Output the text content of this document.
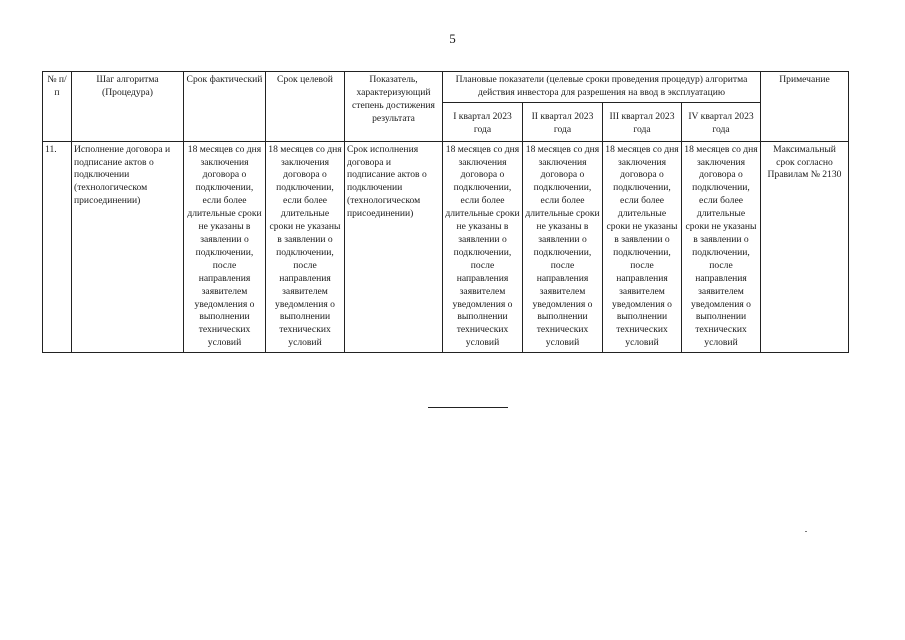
5
№ п/п	Шаг алгоритма (Процедура)	Срок фактический	Срок целевой	Показатель, характеризующий степень достижения результата	Плановые показатели (целевые сроки проведения процедур) алгоритма действия инвестора для разрешения на ввод в эксплуатацию				Примечание
					I квартал 2023 года	II квартал 2023 года	III квартал 2023 года	IV квартал 2023 года	
11.	Исполнение договора и подписание актов о подключении (технологическом присоединении)	18 месяцев со дня заключения договора о подключении, если более длительные сроки не указаны в заявлении о подключении, после направления заявителем уведомления о выполнении технических условий	18 месяцев со дня заключения договора о подключении, если более длительные сроки не указаны в заявлении о подключении, после направления заявителем уведомления о выполнении технических условий	Срок исполнения договора и подписание актов о подключении (технологическом присоединении)	18 месяцев со дня заключения договора о подключении, если более длительные сроки не указаны в заявлении о подключении, после направления заявителем уведомления о выполнении технических условий	18 месяцев со дня заключения договора о подключении, если более длительные сроки не указаны в заявлении о подключении, после направления заявителем уведомления о выполнении технических условий	18 месяцев со дня заключения договора о подключении, если более длительные сроки не указаны в заявлении о подключении, после направления заявителем уведомления о выполнении технических условий	18 месяцев со дня заключения договора о подключении, если более длительные сроки не указаны в заявлении о подключении, после направления заявителем уведомления о выполнении технических условий	Максимальный срок согласно Правилам № 2130
